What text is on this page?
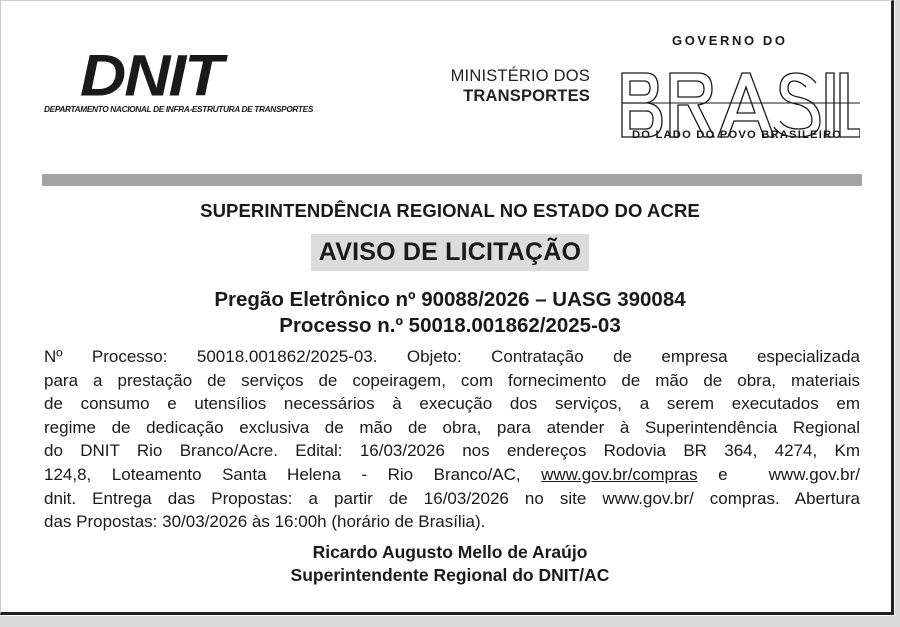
DNIT
DEPARTAMENTO NACIONAL DE INFRA-ESTRUTURA DE TRANSPORTES
MINISTÉRIO DOS
TRANSPORTES
GOVERNO DO
DO LADO DO POVO BRASILEIRO
SUPERINTENDÊNCIA REGIONAL NO ESTADO DO ACRE
AVISO DE LICITAÇÃO
Pregão Eletrônico nº 90088/2026 – UASG 390084
Processo n.º 50018.001862/2025-03
Nº Processo: 50018.001862/2025-03. Objeto: Contratação de empresa especializada
para a prestação de serviços de copeiragem, com fornecimento de mão de obra, materiais
de consumo e utensílios necessários à execução dos serviços, a serem executados em
regime de dedicação exclusiva de mão de obra, para atender à Superintendência Regional
do DNIT Rio Branco/Acre. Edital: 16/03/2026 nos endereços Rodovia BR 364, 4274, Km
124,8, Loteamento Santa Helena - Rio Branco/AC, www.gov.br/compras e  www.gov.br/
dnit. Entrega das Propostas: a partir de 16/03/2026 no site www.gov.br/ compras. Abertura
das Propostas: 30/03/2026 às 16:00h (horário de Brasília).
Ricardo Augusto Mello de Araújo
Superintendente Regional do DNIT/AC
